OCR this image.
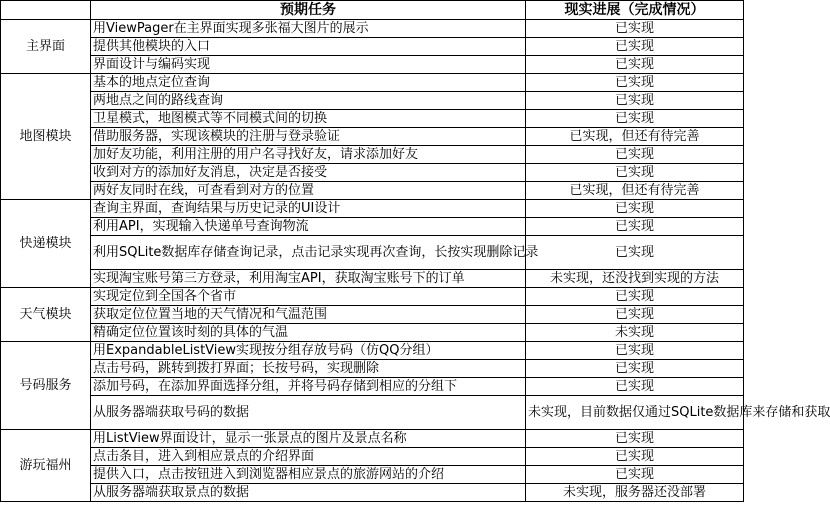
	预期任务	现实进展（完成情况）
主界面	用ViewPager在主界面实现多张福大图片的展示	已实现
	提供其他模块的入口	已实现
	界面设计与编码实现	已实现
地图模块	基本的地点定位查询	已实现
	两地点之间的路线查询	已实现
	卫星模式，地图模式等不同模式间的切换	已实现
	借助服务器，实现该模块的注册与登录验证	已实现，但还有待完善
	加好友功能，利用注册的用户名寻找好友，请求添加好友	已实现
	收到对方的添加好友消息，决定是否接受	已实现
	两好友同时在线，可查看到对方的位置	已实现，但还有待完善
快递模块	查询主界面，查询结果与历史记录的UI设计	已实现
	利用API，实现输入快递单号查询物流	已实现
	利用SQLite数据库存储查询记录，点击记录实现再次查询，长按实现删除记录	已实现
	实现淘宝账号第三方登录，利用淘宝API，获取淘宝账号下的订单	未实现，还没找到实现的方法
天气模块	实现定位到全国各个省市	已实现
	获取定位位置当地的天气情况和气温范围	已实现
	精确定位位置该时刻的具体的气温	未实现
号码服务	用ExpandableListView实现按分组存放号码（仿QQ分组）	已实现
	点击号码，跳转到拨打界面；长按号码，实现删除	已实现
	添加号码，在添加界面选择分组，并将号码存储到相应的分组下	已实现
	从服务器端获取号码的数据	未实现，目前数据仅通过SQLite数据库来存储和获取
游玩福州	用ListView界面设计，显示一张景点的图片及景点名称	已实现
	点击条目，进入到相应景点的介绍界面	已实现
	提供入口，点击按钮进入到浏览器相应景点的旅游网站的介绍	已实现
	从服务器端获取景点的数据	未实现，服务器还没部署
